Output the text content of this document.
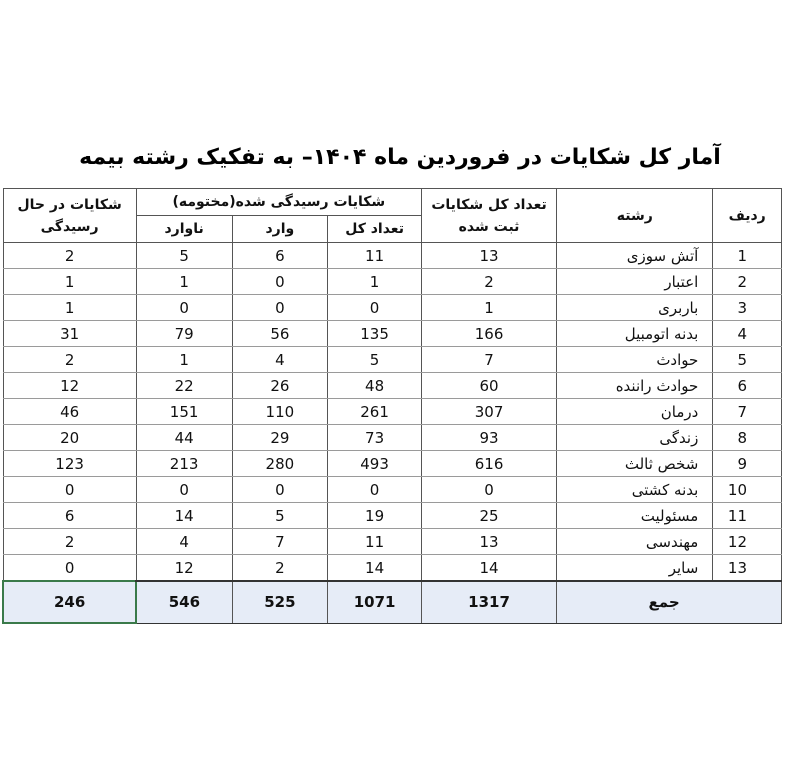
آمار کل شکایات در فروردین ماه ۱۴۰۴– به تفکیک رشته بیمه
ردیف	رشته	تعداد کل شکایات ثبت شده	شکایات رسیدگی شده(مختومه)			شکایات در حال رسیدگی
			تعداد کل	وارد	ناوارد	
1	آتش سوزی	13	11	6	5	2
2	اعتبار	2	1	0	1	1
3	باربری	1	0	0	0	1
4	بدنه اتومبیل	166	135	56	79	31
5	حوادث	7	5	4	1	2
6	حوادث راننده	60	48	26	22	12
7	درمان	307	261	110	151	46
8	زندگی	93	73	29	44	20
9	شخص ثالث	616	493	280	213	123
10	بدنه کشتی	0	0	0	0	0
11	مسئولیت	25	19	5	14	6
12	مهندسی	13	11	7	4	2
13	سایر	14	14	2	12	0
جمع		1317	1071	525	546	246
